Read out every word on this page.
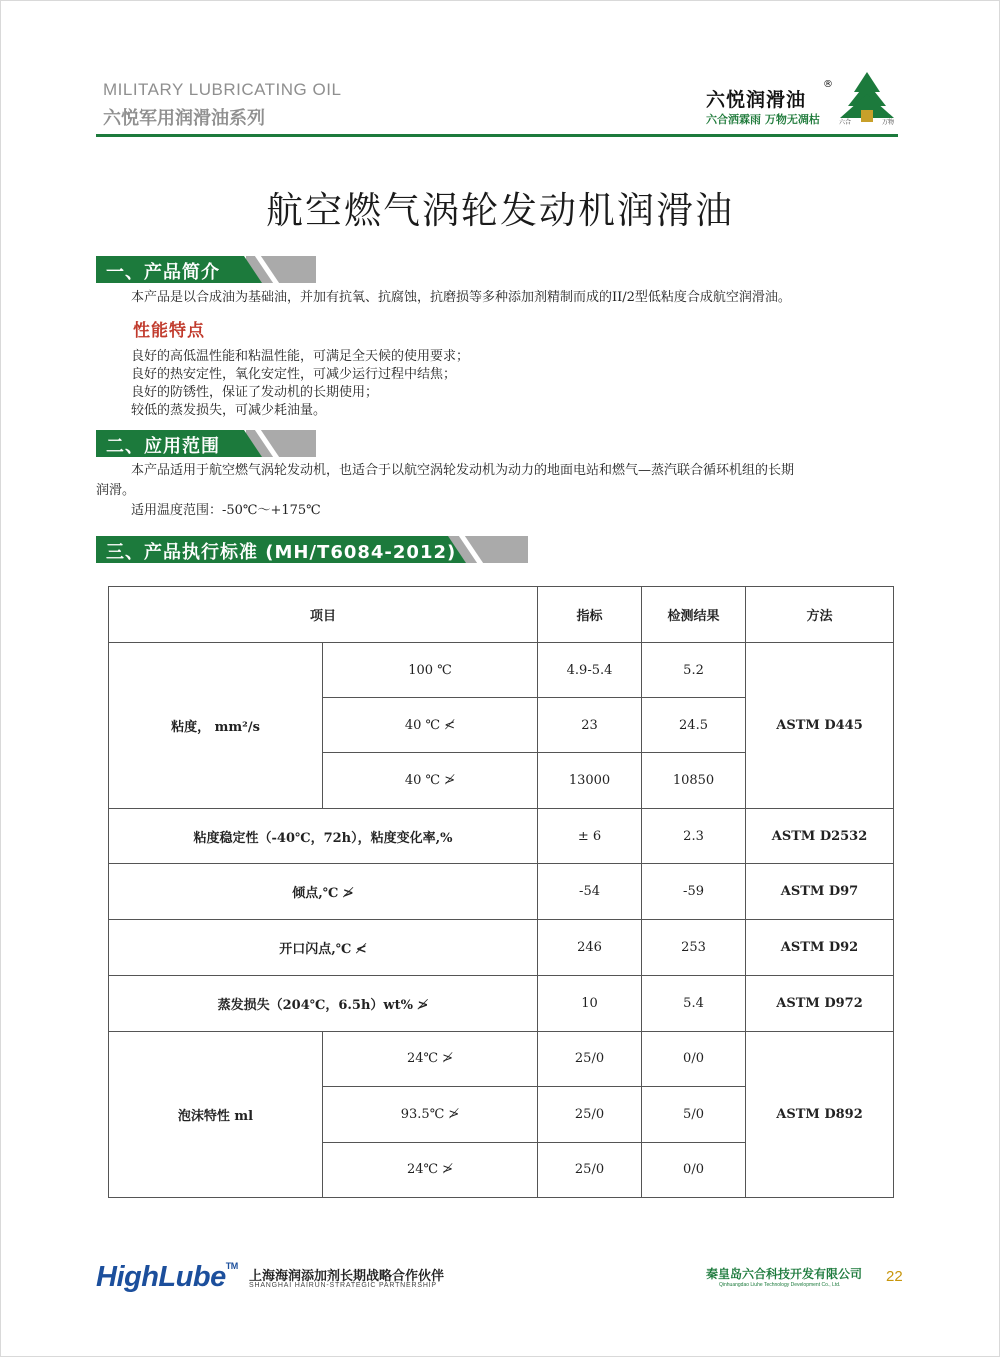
MILITARY LUBRICATING OIL
六悦军用润滑油系列
六悦润滑油
®
六合洒霖雨 万物无凋枯	六合	万物
航空燃气涡轮发动机润滑油
一、产品简介
本产品是以合成油为基础油，并加有抗氧、抗腐蚀，抗磨损等多种添加剂精制而成的II/2型低粘度合成航空润滑油。
性能特点
良好的高低温性能和粘温性能，可满足全天候的使用要求；
良好的热安定性，氧化安定性，可减少运行过程中结焦；
良好的防锈性，保证了发动机的长期使用；
较低的蒸发损失，可减少耗油量。
二、应用范围
本产品适用于航空燃气涡轮发动机，也适合于以航空涡轮发动机为动力的地面电站和燃气—蒸汽联合循环机组的长期
润滑。
适用温度范围：-50℃～+175℃
三、产品执行标准 (MH/T6084-2012)
项目		指标	检测结果	方法
粘度， mm²/s	100 ℃	4.9-5.4	5.2	ASTM D445
	40 ℃ ≮	23	24.5	
	40 ℃ ≯	13000	10850	
粘度稳定性（-40℃，72h），粘度变化率,%		± 6	2.3	ASTM D2532
倾点,℃ ≯		-54	-59	ASTM D97
开口闪点,℃ ≮		246	253	ASTM D92
蒸发损失（204℃，6.5h）wt% ≯		10	5.4	ASTM D972
泡沫特性 ml	24℃ ≯	25/0	0/0	ASTM D892
	93.5℃ ≯	25/0	5/0	
	24℃ ≯	25/0	0/0	
HighLube™
上海海润添加剂长期战略合作伙伴
SHANGHAI HAIRUN-STRATEGIC PARTNERSHIP
秦皇岛六合科技开发有限公司
Qinhuangdao Liuhe Technology Development Co., Ltd.	22
